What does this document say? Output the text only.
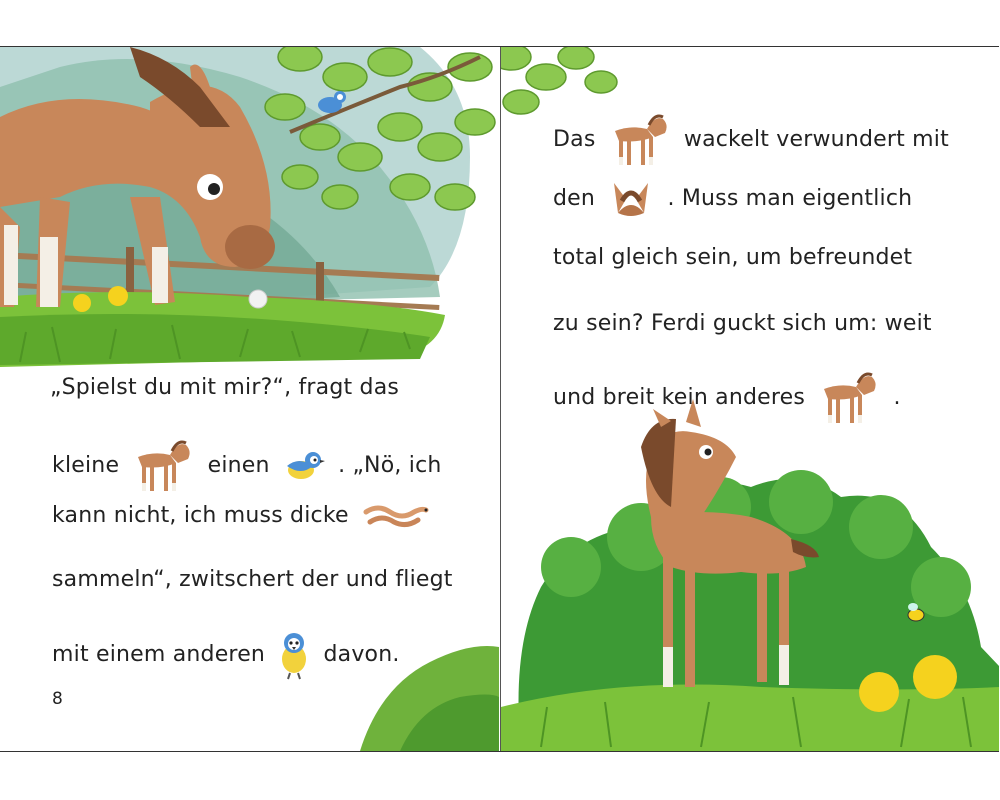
„Spielst du mit mir?“, fragt das
kleine	einen	. „Nö, ich
kann nicht, ich muss dicke
sammeln“, zwitschert der und fliegt
mit einem anderen	davon.
8
Das	wackelt verwundert mit
den	. Muss man eigentlich
total gleich sein, um befreundet
zu sein? Ferdi guckt sich um: weit
und breit kein anderes	.
